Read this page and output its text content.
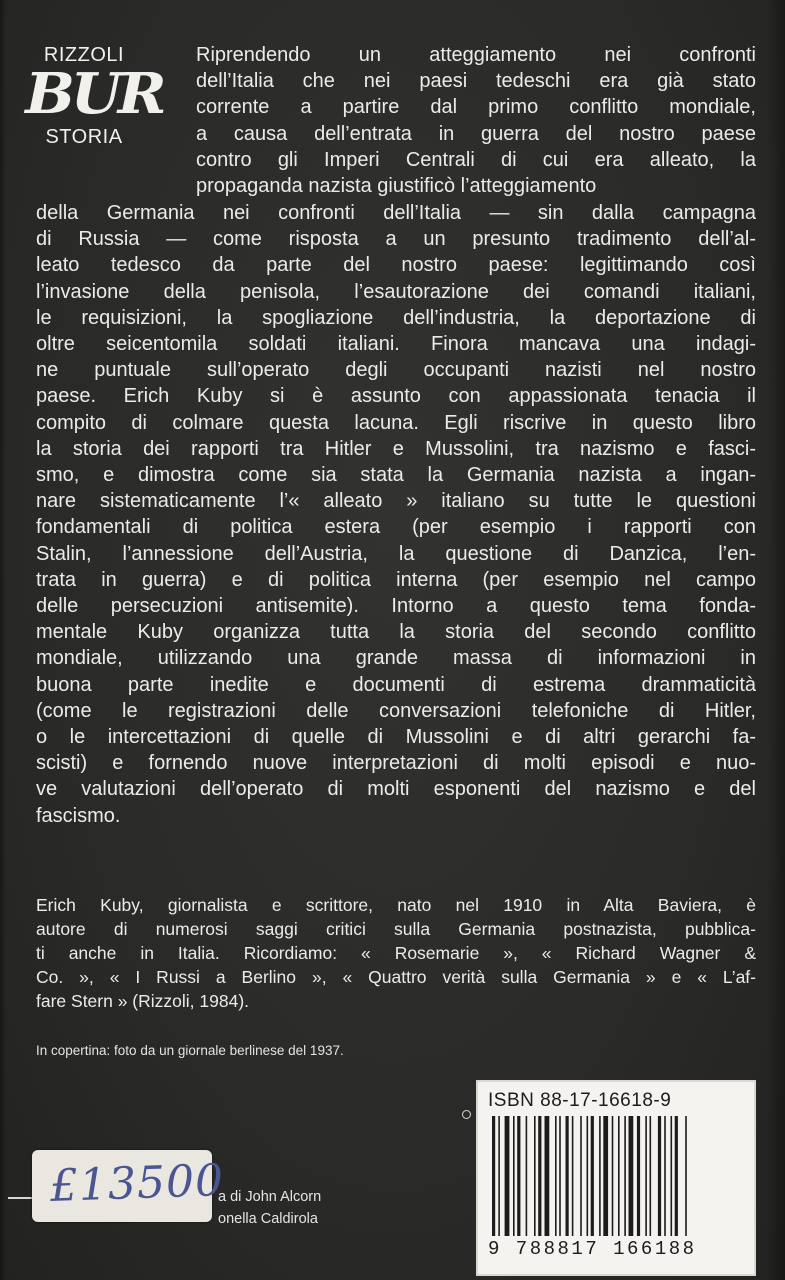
RIZZOLI
BUR
STORIA
Riprendendo un atteggiamento nei confronti
dell’Italia che nei paesi tedeschi era già stato
corrente a partire dal primo conflitto mondiale,
a causa dell’entrata in guerra del nostro paese
contro gli Imperi Centrali di cui era alleato, la
propaganda nazista giustificò l’atteggiamento
della Germania nei confronti dell’Italia — sin dalla campagna
di Russia — come risposta a un presunto tradimento dell’al-
leato tedesco da parte del nostro paese: legittimando così
l’invasione della penisola, l’esautorazione dei comandi italiani,
le requisizioni, la spogliazione dell’industria, la deportazione di
oltre seicentomila soldati italiani. Finora mancava una indagi-
ne puntuale sull’operato degli occupanti nazisti nel nostro
paese. Erich Kuby si è assunto con appassionata tenacia il
compito di colmare questa lacuna. Egli riscrive in questo libro
la storia dei rapporti tra Hitler e Mussolini, tra nazismo e fasci-
smo, e dimostra come sia stata la Germania nazista a ingan-
nare sistematicamente l’« alleato » italiano su tutte le questioni
fondamentali di politica estera (per esempio i rapporti con
Stalin, l’annessione dell’Austria, la questione di Danzica, l’en-
trata in guerra) e di politica interna (per esempio nel campo
delle persecuzioni antisemite). Intorno a questo tema fonda-
mentale Kuby organizza tutta la storia del secondo conflitto
mondiale, utilizzando una grande massa di informazioni in
buona parte inedite e documenti di estrema drammaticità
(come le registrazioni delle conversazioni telefoniche di Hitler,
o le intercettazioni di quelle di Mussolini e di altri gerarchi fa-
scisti) e fornendo nuove interpretazioni di molti episodi e nuo-
ve valutazioni dell’operato di molti esponenti del nazismo e del
fascismo.
Erich Kuby, giornalista e scrittore, nato nel 1910 in Alta Baviera, è
autore di numerosi saggi critici sulla Germania postnazista, pubblica-
ti anche in Italia. Ricordiamo: « Rosemarie », « Richard Wagner &
Co. », « I Russi a Berlino », « Quattro verità sulla Germania » e « L’af-
fare Stern » (Rizzoli, 1984).

In copertina: foto da un giornale berlinese del 1937.

ISBN 88-17-16618-9

9 788817 166188
£13500
a di John Alcorn
onella Caldirola
